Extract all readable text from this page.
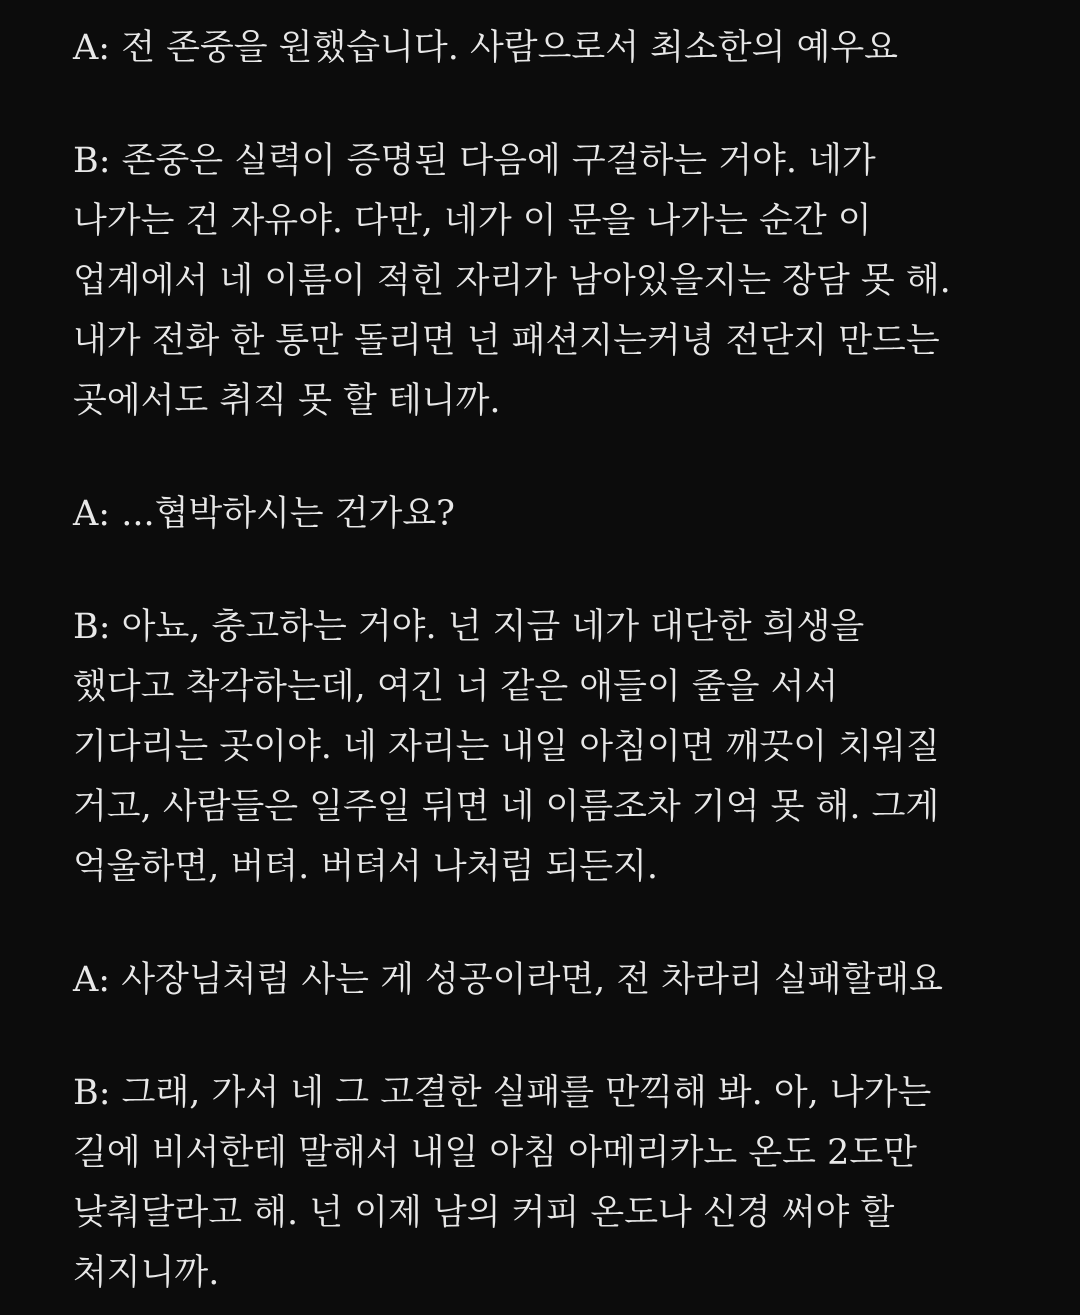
A: 전 존중을 원했습니다. 사람으로서 최소한의 예우요
B: 존중은 실력이 증명된 다음에 구걸하는 거야. 네가
나가는 건 자유야. 다만, 네가 이 문을 나가는 순간 이
업계에서 네 이름이 적힌 자리가 남아있을지는 장담 못 해.
내가 전화 한 통만 돌리면 넌 패션지는커녕 전단지 만드는
곳에서도 취직 못 할 테니까.
A: ...협박하시는 건가요?
B: 아뇨, 충고하는 거야. 넌 지금 네가 대단한 희생을
했다고 착각하는데, 여긴 너 같은 애들이 줄을 서서
기다리는 곳이야. 네 자리는 내일 아침이면 깨끗이 치워질
거고, 사람들은 일주일 뒤면 네 이름조차 기억 못 해. 그게
억울하면, 버텨. 버텨서 나처럼 되든지.
A: 사장님처럼 사는 게 성공이라면, 전 차라리 실패할래요
B: 그래, 가서 네 그 고결한 실패를 만끽해 봐. 아, 나가는
길에 비서한테 말해서 내일 아침 아메리카노 온도 2도만
낮춰달라고 해. 넌 이제 남의 커피 온도나 신경 써야 할
처지니까.
